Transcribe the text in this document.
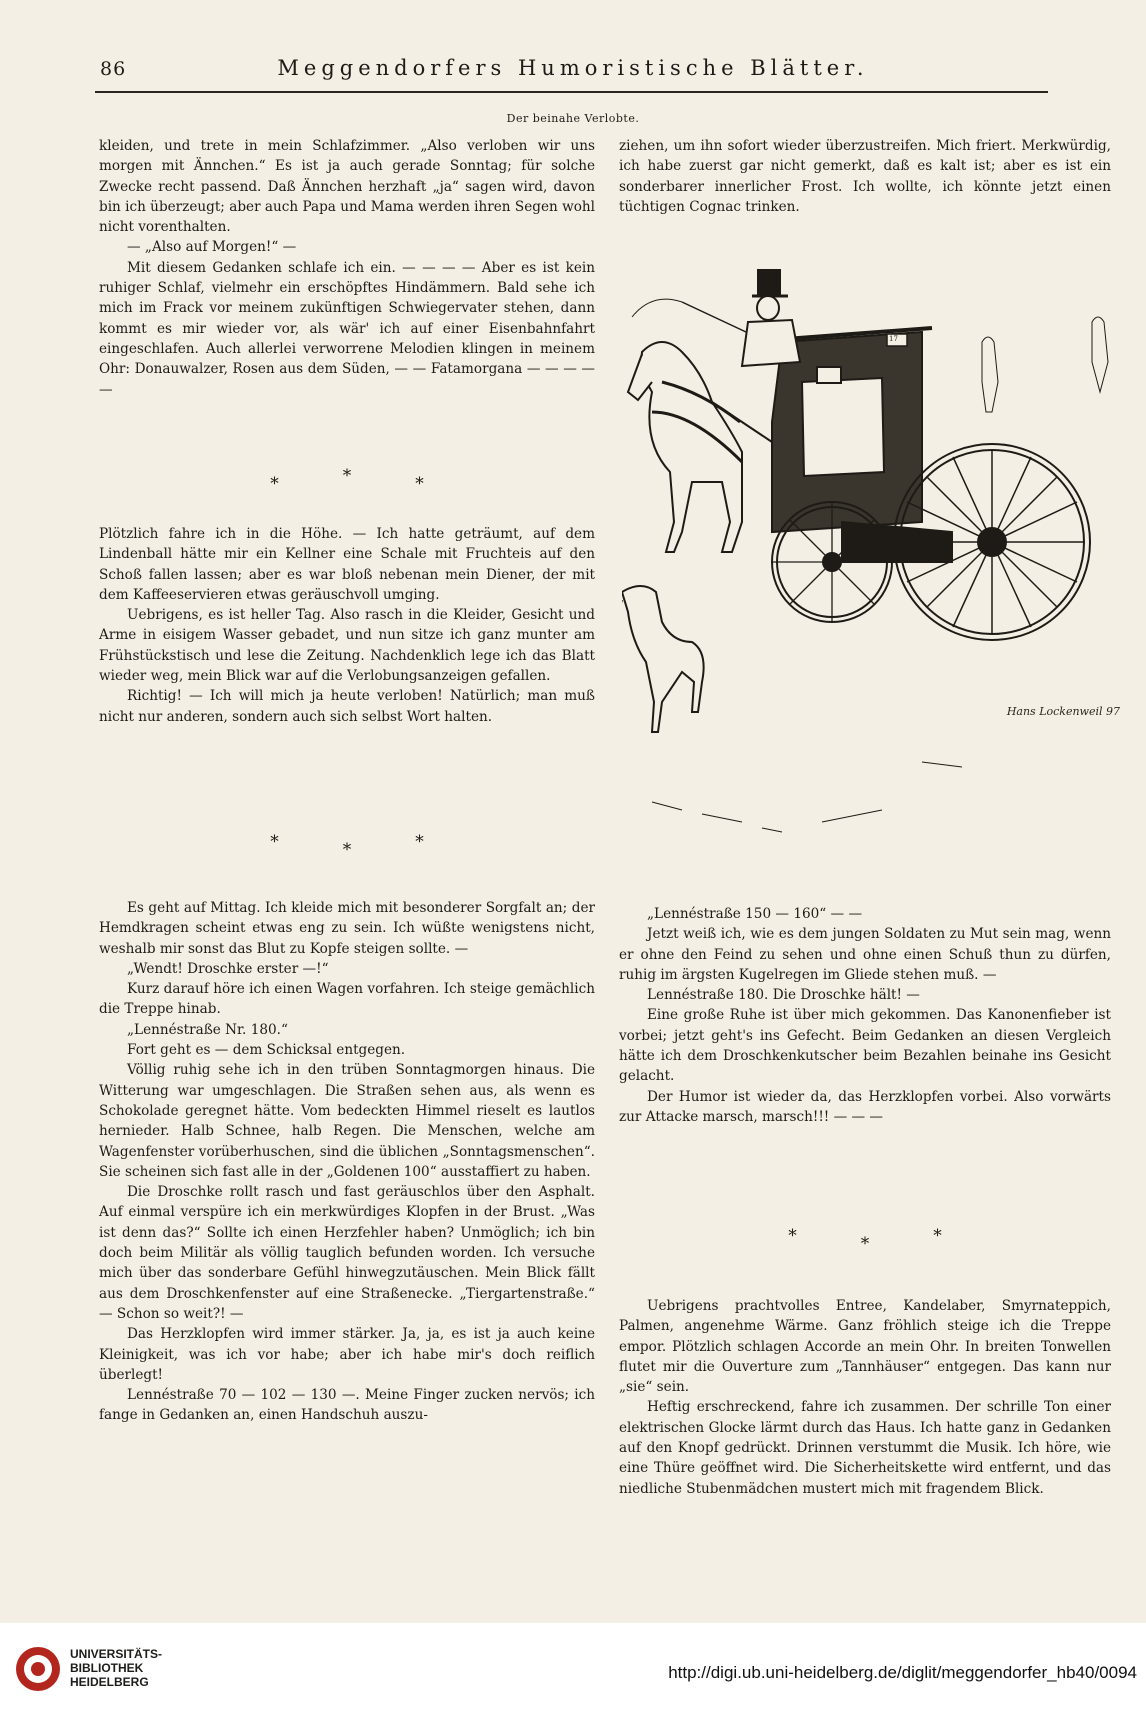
86	Meggendorfers Humoristische Blätter.
Der beinahe Verlobte.

kleiden, und trete in mein Schlafzimmer. „Also verloben wir uns morgen mit Ännchen.“ Es ist ja auch gerade Sonntag; für solche Zwecke recht passend. Daß Ännchen herzhaft „ja“ sagen wird, davon bin ich überzeugt; aber auch Papa und Mama werden ihren Segen wohl nicht vorenthalten.

— „Also auf Morgen!“ —

Mit diesem Gedanken schlafe ich ein. — — — — Aber es ist kein ruhiger Schlaf, vielmehr ein erschöpftes Hindämmern. Bald sehe ich mich im Frack vor meinem zukünftigen Schwiegervater stehen, dann kommt es mir wieder vor, als wär' ich auf einer Eisenbahnfahrt eingeschlafen. Auch allerlei verworrene Melodien klingen in meinem Ohr: Donauwalzer, Rosen aus dem Süden, — — Fatamorgana — — — — —

*	*	*

Plötzlich fahre ich in die Höhe. — Ich hatte geträumt, auf dem Lindenball hätte mir ein Kellner eine Schale mit Fruchteis auf den Schoß fallen lassen; aber es war bloß nebenan mein Diener, der mit dem Kaffeeservieren etwas geräuschvoll umging.

Uebrigens, es ist heller Tag. Also rasch in die Kleider, Gesicht und Arme in eisigem Wasser gebadet, und nun sitze ich ganz munter am Frühstückstisch und lese die Zeitung. Nachdenklich lege ich das Blatt wieder weg, mein Blick war auf die Verlobungsanzeigen gefallen.

Richtig! — Ich will mich ja heute verloben! Natürlich; man muß nicht nur anderen, sondern auch sich selbst Wort halten.

*	*	*

Es geht auf Mittag. Ich kleide mich mit besonderer Sorgfalt an; der Hemdkragen scheint etwas eng zu sein. Ich wüßte wenigstens nicht, weshalb mir sonst das Blut zu Kopfe steigen sollte. —

„Wendt! Droschke erster —!“

Kurz darauf höre ich einen Wagen vorfahren. Ich steige gemächlich die Treppe hinab.

„Lennéstraße Nr. 180.“

Fort geht es — dem Schicksal entgegen.

Völlig ruhig sehe ich in den trüben Sonntagmorgen hinaus. Die Witterung war umgeschlagen. Die Straßen sehen aus, als wenn es Schokolade geregnet hätte. Vom bedeckten Himmel rieselt es lautlos hernieder. Halb Schnee, halb Regen. Die Menschen, welche am Wagenfenster vorüberhuschen, sind die üblichen „Sonntagsmenschen“. Sie scheinen sich fast alle in der „Goldenen 100“ ausstaffiert zu haben.

Die Droschke rollt rasch und fast geräuschlos über den Asphalt. Auf einmal verspüre ich ein merkwürdiges Klopfen in der Brust. „Was ist denn das?“ Sollte ich einen Herzfehler haben? Unmöglich; ich bin doch beim Militär als völlig tauglich befunden worden. Ich versuche mich über das sonderbare Gefühl hinwegzutäuschen. Mein Blick fällt aus dem Droschkenfenster auf eine Straßenecke. „Tiergartenstraße.“ — Schon so weit?! —

Das Herzklopfen wird immer stärker. Ja, ja, es ist ja auch keine Kleinigkeit, was ich vor habe; aber ich habe mir's doch reiflich überlegt!

Lennéstraße 70 — 102 — 130 —. Meine Finger zucken nervös; ich fange in Gedanken an, einen Handschuh auszu-

ziehen, um ihn sofort wieder überzustreifen. Mich friert. Merkwürdig, ich habe zuerst gar nicht gemerkt, daß es kalt ist; aber es ist ein sonderbarer innerlicher Frost. Ich wollte, ich könnte jetzt einen tüchtigen Cognac trinken.

17
Hans Lockenweil 97

„Lennéstraße 150 — 160“ — —

Jetzt weiß ich, wie es dem jungen Soldaten zu Mut sein mag, wenn er ohne den Feind zu sehen und ohne einen Schuß thun zu dürfen, ruhig im ärgsten Kugelregen im Gliede stehen muß. —

Lennéstraße 180. Die Droschke hält! —

Eine große Ruhe ist über mich gekommen. Das Kanonenfieber ist vorbei; jetzt geht's ins Gefecht. Beim Gedanken an diesen Vergleich hätte ich dem Droschkenkutscher beim Bezahlen beinahe ins Gesicht gelacht.

Der Humor ist wieder da, das Herzklopfen vorbei. Also vorwärts zur Attacke marsch, marsch!!! — — —

*	*	*

Uebrigens prachtvolles Entree, Kandelaber, Smyrnateppich, Palmen, angenehme Wärme. Ganz fröhlich steige ich die Treppe empor. Plötzlich schlagen Accorde an mein Ohr. In breiten Tonwellen flutet mir die Ouverture zum „Tannhäuser“ entgegen. Das kann nur „sie“ sein.

Heftig erschreckend, fahre ich zusammen. Der schrille Ton einer elektrischen Glocke lärmt durch das Haus. Ich hatte ganz in Gedanken auf den Knopf gedrückt. Drinnen verstummt die Musik. Ich höre, wie eine Thüre geöffnet wird. Die Sicherheitskette wird entfernt, und das niedliche Stubenmädchen mustert mich mit fragendem Blick.

UNIVERSITÄTS-
BIBLIOTHEK
HEIDELBERG	http://digi.ub.uni-heidelberg.de/diglit/meggendorfer_hb40/0094
